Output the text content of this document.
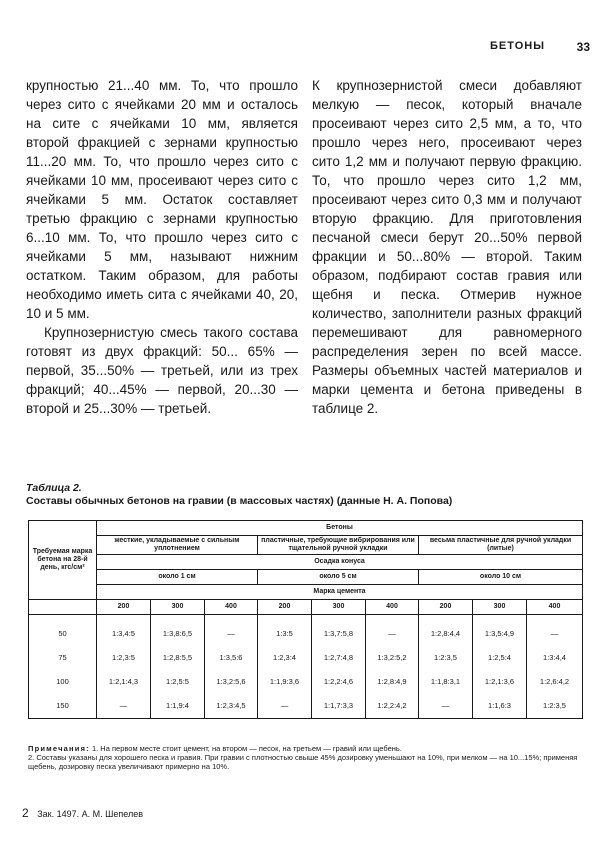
БЕТОНЫ	33

крупностью 21...40 мм. То, что прошло через сито с ячейками 20 мм и осталось на сите с ячейками 10 мм, является второй фракцией с зернами крупностью 11...20 мм. То, что прошло через сито с ячейками 10 мм, просеивают через сито с ячейками 5 мм. Остаток составляет третью фракцию с зернами крупностью 6...10 мм. То, что прошло через сито с ячейками 5 мм, называют нижним остатком. Таким образом, для работы необходимо иметь сита с ячейками 40, 20, 10 и 5 мм.

Крупнозернистую смесь такого состава готовят из двух фракций: 50... 65% — первой, 35...50% — третьей, или из трех фракций; 40...45% — первой, 20...30 — второй и 25...30% — третьей.

К крупнозернистой смеси добавляют мелкую — песок, который вначале просеивают через сито 2,5 мм, а то, что прошло через него, просеивают через сито 1,2 мм и получают первую фракцию. То, что прошло через сито 1,2 мм, просеивают через сито 0,3 мм и получают вторую фракцию. Для приготовления песчаной смеси берут 20...50% первой фракции и 50...80% — второй. Таким образом, подбирают состав гравия или щебня и песка. Отмерив нужное количество, заполнители разных фракций перемешивают для равномерного распределения зерен по всей массе. Размеры объемных частей материалов и марки цемента и бетона приведены в таблице 2.

Таблица 2.
Составы обычных бетонов на гравии (в массовых частях) (данные Н. А. Попова)
Требуемая марка бетона на 28-й день, кгс/см²	Бетоны								
	жесткие, укладываемые с сильным уплотнением			пластичные, требующие вибрирования или тщательной ручной укладки			весьма пластичные для ручной укладки (литые)		
	Осадка конуса								
	около 1 см			около 5 см			около 10 см		
	Марка цемента								
	200	300	400	200	300	400	200	300	400
50	1:3,4:5	1:3,8:6,5	—	1:3:5	1:3,7:5,8	—	1:2,8:4,4	1:3,5:4,9	—
75	1:2,3:5	1:2,8:5,5	1:3,5:6	1:2,3:4	1:2,7:4,8	1:3,2:5,2	1:2:3,5	1:2,5:4	1:3:4,4
100	1:2,1:4,3	1:2,5:5	1:3,2:5,6	1:1,9:3,6	1:2,2:4,6	1:2,8:4,9	1:1,8:3,1	1:2,1:3,6	1:2,6:4,2
150	—	1:1,9:4	1:2,3:4,5	—	1:1,7:3,3	1:2,2:4,2	—	1:1,6:3	1:2:3,5

Примечания: 1. На первом месте стоит цемент, на втором — песок, на третьем — гравий или щебень.

2. Составы указаны для хорошего песка и гравия. При гравии с плотностью свыше 45% дозировку уменьшают на 10%, при мелком — на 10...15%; применяя щебень, дозировку песка увеличивают примерно на 10%.

2 Зак. 1497. А. М. Шепелев
